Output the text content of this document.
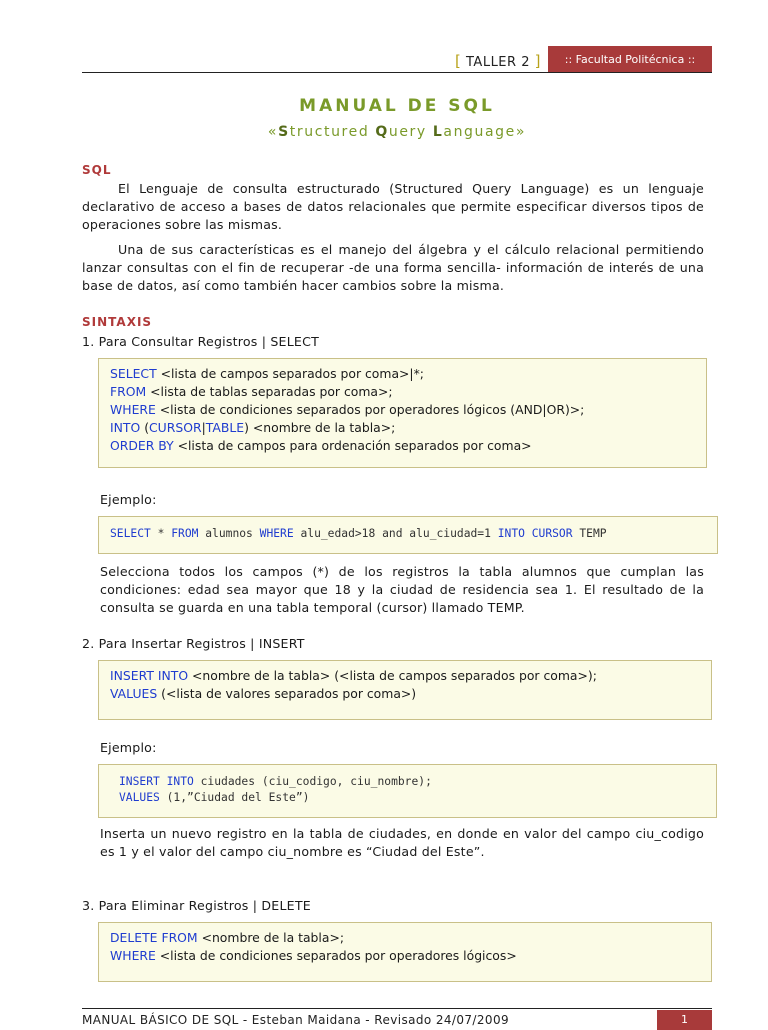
[ TALLER 2 ]	:: Facultad Politécnica ::
MANUAL DE SQL
«Structured Query Language»
SQL
El Lenguaje de consulta estructurado (Structured Query Language) es un lenguaje declarativo de acceso a bases de datos relacionales que permite especificar diversos tipos de operaciones sobre las mismas.
Una de sus características es el manejo del álgebra y el cálculo relacional permitiendo lanzar consultas con el fin de recuperar -de una forma sencilla- información de interés de una base de datos, así como también hacer cambios sobre la misma.
SINTAXIS
1. Para Consultar Registros | SELECT
SELECT <lista de campos separados por coma>|*;
FROM <lista de tablas separadas por coma>;
WHERE <lista de condiciones separados por operadores lógicos (AND|OR)>;
INTO (CURSOR|TABLE) <nombre de la tabla>;
ORDER BY <lista de campos para ordenación separados por coma>
Ejemplo:
SELECT * FROM alumnos WHERE alu_edad>18 and alu_ciudad=1 INTO CURSOR TEMP
Selecciona todos los campos (*) de los registros la tabla alumnos que cumplan las condiciones: edad sea mayor que 18 y la ciudad de residencia sea 1. El resultado de la consulta se guarda en una tabla temporal (cursor) llamado TEMP.
2. Para Insertar Registros | INSERT
INSERT INTO <nombre de la tabla> (<lista de campos separados por coma>);
VALUES (<lista de valores separados por coma>)
Ejemplo:
INSERT INTO ciudades (ciu_codigo, ciu_nombre);
VALUES (1,”Ciudad del Este”)
Inserta un nuevo registro en la tabla de ciudades, en donde en valor del campo ciu_codigo es 1 y el valor del campo ciu_nombre es “Ciudad del Este”.
3. Para Eliminar Registros | DELETE
DELETE FROM <nombre de la tabla>;
WHERE <lista de condiciones separados por operadores lógicos>
MANUAL BÁSICO DE SQL - Esteban Maidana - Revisado 24/07/2009	1
